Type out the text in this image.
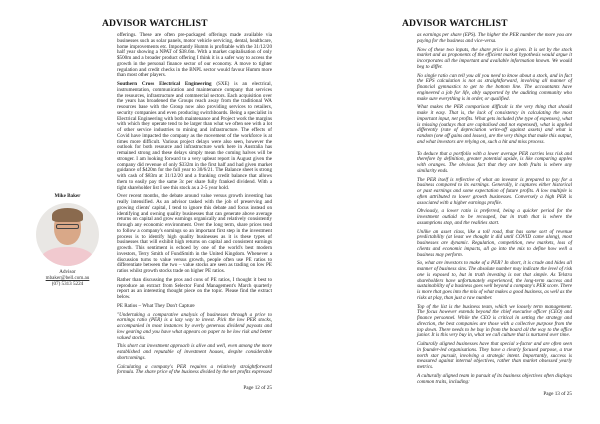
ADVISOR WATCHLIST

offerings. These are often pre-packaged offerings made available via businesses such as solar panels, motor vehicle servicing, dental, healthcare, home improvements etc. Importantly Humm is profitable with the 31/12/20 half year showing a NPAT of $38.6m. With a market capitalisation of only $500m and a broader product offering I think it is a safer way to access the growth in the personal finance sector of our economy. A move to tighter regulation and credit checks in the BNPL sector would favour Humm more than most other players.

Southern Cross Electrical Engineering (SXE) is an electrical, instrumentation, communication and maintenance company that services the resources, infrastructure and commercial sectors. Each acquisition over the years has broadened the Groups reach away from the traditional WA resources base with the Group now also providing services to retailers, security companies and even producing switchboards. Being a specialist in Electrical Engineering with both maintenance and Project work the margins with which they operate tend to be larger than what we often see with a lot of other service industries to mining and infrastructure. The effects of Covid have impacted the company as the movement of the workforce is at times more difficult. Various project delays were also seen, however the outlook for both resource and infrastructure work here in Australia has remained strong and these delays simply mean the coming halves will be stronger. I am looking forward to a very upbeat report in August given the company did revenue of only $332m in the first half and had given market guidance of $420m for the full year to 30/6/21. The Balance sheet is strong with cash of $83m at 31/12/20 and a franking credit balance that allows them to easily pay the same 3c per share fully franked dividend. With a tight shareholder list I see this stock as a 2-5 year hold.

Mike Baker
Advisor
mbaker@bell.com.au
(07) 5313 5224

Over recent months, the debate around value versus growth investing has really intensified. As an advisor tasked with the job of preserving and growing clients' capital, I tend to ignore this debate and focus instead on identifying and owning quality businesses that can generate above average returns on capital and grow earnings organically and relatively consistently through any economic environment. Over the long term, share prices tend to follow a company's earnings so an important first step in the investment process is to identify high quality businesses as it is these types of businesses that will exhibit high returns on capital and consistent earnings growth. This sentiment is echoed by one of the world's best modern investors, Terry Smith of FundSmith in the United Kingdom. Whenever a discussion turns to value versus growth, people often use PE ratios to differentiate between the two – value stocks are seen as trading on low PE ratios whilst growth stocks trade on higher PE ratios.

Rather than discussing the pros and cons of PE ratios, I thought it best to reproduce an extract from Selector Fund Management's March quarterly report as an interesting thought piece on the topic. Please find the extract below.

PE Ratios – What They Don't Capture

"Undertaking a comparative analysis of businesses through a price to earnings ratio (PER) is a lazy way to invest. Pick the low PER stocks, accompanied in most instances by overly generous dividend payouts and low gearing and you have what appears on paper to be low risk and better valued stocks.

This short cut investment approach is alive and well, even among the more established and reputable of investment houses, despite considerable shortcomings.

Calculating a company's PER requires a relatively straightforward formula. The share price of the business divided by the net profits expressed

Page 12 of 25
ADVISOR WATCHLIST

as earnings per share (EPS). The higher the PER number the more you are paying for the business and vice-versa.

Now of these two inputs, the share price is a given. It is set by the stock market and as proponents of the efficient market hypothesis would argue it incorporates all the important and available information known. We would beg to differ.

No single ratio can tell you all you need to know about a stock, and in fact the EPS calculation is not as straightforward, involving all manner of financial gymnastics to get to the bottom line. The accountants have engineered a job for life, ably supported by the auditing community who make sure everything is in order, or qualified.

What makes the PER comparison difficult is the very thing that should make it easy. That is, the lack of consistency in calculating the most important input, net profits. What gets included (the type of expenses), what is missing (outlays that are capitalised and not expensed), what is applied differently (rate of depreciation write-off against assets) and what is random (one off gains and losses), are the very things that make this output, and what investors are relying on, such a hit and miss process.

To deduce that a portfolio with a lower average PER carries less risk and therefore by definition, greater potential upside, is like comparing apples with oranges. The obvious fact that they are both fruits is where any similarity ends.

The PER itself is reflective of what an investor is prepared to pay for a business compared to its earnings. Generally, it captures either historical or past earnings and some expectation of future profits. A low multiple is often attributed to lower growth businesses. Conversely a high PER is associated with a higher earnings profile.

Obviously, a lower ratio is preferred, being a quicker period for the investment outlaid to be recouped, but in truth that is where the assumptions stop, and the realities start.

Unlike an asset class, like a toll road, that has some sort of revenue predictability (at least we thought it did until COVID came along), most businesses are dynamic. Regulation, competition, new markets, loss of clients and economic impacts, all go into the mix to define how well a business may perform.

So, what are investors to make of a PER? In short, it is crude and hides all manner of business sins. The absolute number may indicate the level of risk one is exposed to, but in truth investing is not that simple. As Telstra shareholders have unfortunately experienced, the long-term success and sustainability of a business goes well beyond a company's PER score. There is more that goes into the mix of what makes a good business, as well as the risks at play, than just a raw number.

Top of the list is the business team, which we loosely term management. The focus however extends beyond the chief executive officer (CEO) and finance personnel. While the CEO is critical in setting the strategy and direction, the best companies are those with a collective purpose from the top down. There needs to be buy in from the board all the way to the office junior. It is this very buy in, what we call culture that is nurtured over time.

Culturally aligned businesses have that special x-factor and are often seen in founder-led organisations. They have a clearly focused purpose, a true north star pursuit, involving a strategic intent. Importantly, success is measured against internal objectives, rather than market obsessed yearly metrics.

A culturally aligned team in pursuit of its business objectives often displays common traits, including:

Page 13 of 25
